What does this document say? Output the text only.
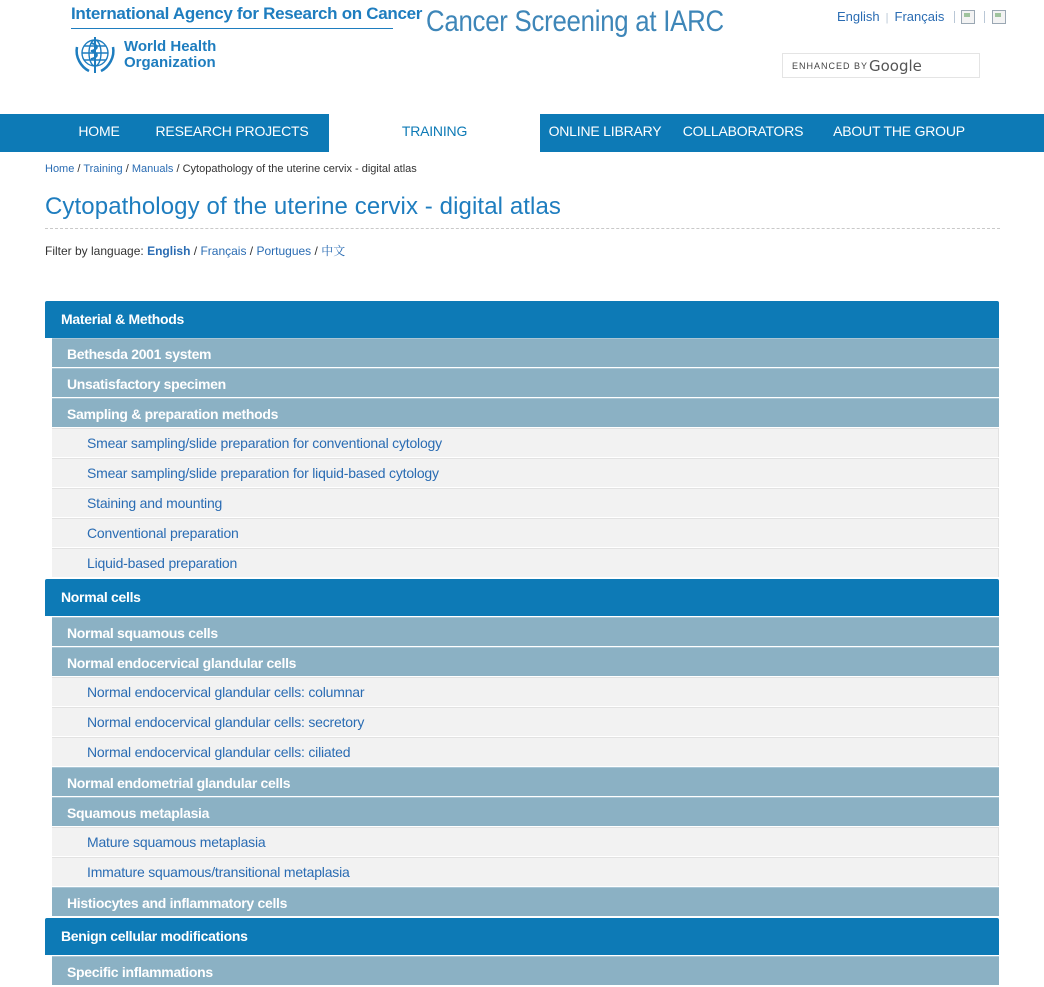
International Agency for Research on Cancer
World Health
Organization
Cancer Screening at IARC	English | Français
ENHANCED BY Google
HOME	RESEARCH PROJECTS	TRAINING	ONLINE LIBRARY COLLABORATORS	ABOUT THE GROUP
Home / Training / Manuals / Cytopathology of the uterine cervix - digital atlas
Cytopathology of the uterine cervix - digital atlas
Filter by language: English / Français / Portugues / 中文
Material & Methods
Bethesda 2001 system
Unsatisfactory specimen
Sampling & preparation methods
Smear sampling/slide preparation for conventional cytology
Smear sampling/slide preparation for liquid-based cytology
Staining and mounting
Conventional preparation
Liquid-based preparation
Normal cells
Normal squamous cells
Normal endocervical glandular cells
Normal endocervical glandular cells: columnar
Normal endocervical glandular cells: secretory
Normal endocervical glandular cells: ciliated
Normal endometrial glandular cells
Squamous metaplasia
Mature squamous metaplasia
Immature squamous/transitional metaplasia
Histiocytes and inflammatory cells
Benign cellular modifications
Specific inflammations
